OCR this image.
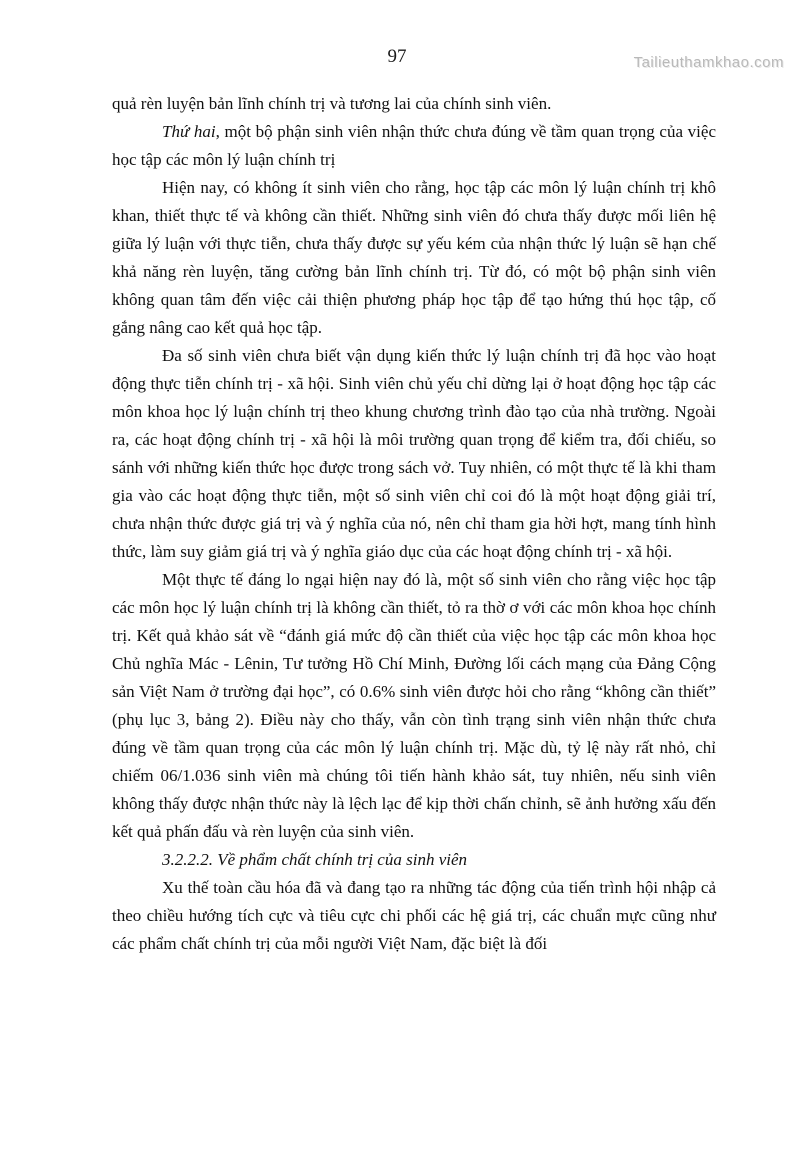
Tailieuthamkhao.com
97

quả rèn luyện bản lĩnh chính trị và tương lai của chính sinh viên.

Thứ hai, một bộ phận sinh viên nhận thức chưa đúng về tầm quan trọng của việc học tập các môn lý luận chính trị

Hiện nay, có không ít sinh viên cho rằng, học tập các môn lý luận chính trị khô khan, thiết thực tế và không cần thiết. Những sinh viên đó chưa thấy được mối liên hệ giữa lý luận với thực tiễn, chưa thấy được sự yếu kém của nhận thức lý luận sẽ hạn chế khả năng rèn luyện, tăng cường bản lĩnh chính trị. Từ đó, có một bộ phận sinh viên không quan tâm đến việc cải thiện phương pháp học tập để tạo hứng thú học tập, cố gắng nâng cao kết quả học tập.

Đa số sinh viên chưa biết vận dụng kiến thức lý luận chính trị đã học vào hoạt động thực tiễn chính trị - xã hội. Sinh viên chủ yếu chỉ dừng lại ở hoạt động học tập các môn khoa học lý luận chính trị theo khung chương trình đào tạo của nhà trường. Ngoài ra, các hoạt động chính trị - xã hội là môi trường quan trọng để kiểm tra, đối chiếu, so sánh với những kiến thức học được trong sách vở. Tuy nhiên, có một thực tế là khi tham gia vào các hoạt động thực tiễn, một số sinh viên chỉ coi đó là một hoạt động giải trí, chưa nhận thức được giá trị và ý nghĩa của nó, nên chỉ tham gia hời hợt, mang tính hình thức, làm suy giảm giá trị và ý nghĩa giáo dục của các hoạt động chính trị - xã hội.

Một thực tế đáng lo ngại hiện nay đó là, một số sinh viên cho rằng việc học tập các môn học lý luận chính trị là không cần thiết, tỏ ra thờ ơ với các môn khoa học chính trị. Kết quả khảo sát về “đánh giá mức độ cần thiết của việc học tập các môn khoa học Chủ nghĩa Mác - Lênin, Tư tưởng Hồ Chí Minh, Đường lối cách mạng của Đảng Cộng sản Việt Nam ở trường đại học”, có 0.6% sinh viên được hỏi cho rằng “không cần thiết” (phụ lục 3, bảng 2). Điều này cho thấy, vẫn còn tình trạng sinh viên nhận thức chưa đúng về tầm quan trọng của các môn lý luận chính trị. Mặc dù, tỷ lệ này rất nhỏ, chỉ chiếm 06/1.036 sinh viên mà chúng tôi tiến hành khảo sát, tuy nhiên, nếu sinh viên không thấy được nhận thức này là lệch lạc để kịp thời chấn chỉnh, sẽ ảnh hưởng xấu đến kết quả phấn đấu và rèn luyện của sinh viên.

3.2.2.2. Về phẩm chất chính trị của sinh viên

Xu thế toàn cầu hóa đã và đang tạo ra những tác động của tiến trình hội nhập cả theo chiều hướng tích cực và tiêu cực chi phối các hệ giá trị, các chuẩn mực cũng như các phẩm chất chính trị của mỗi người Việt Nam, đặc biệt là đối
